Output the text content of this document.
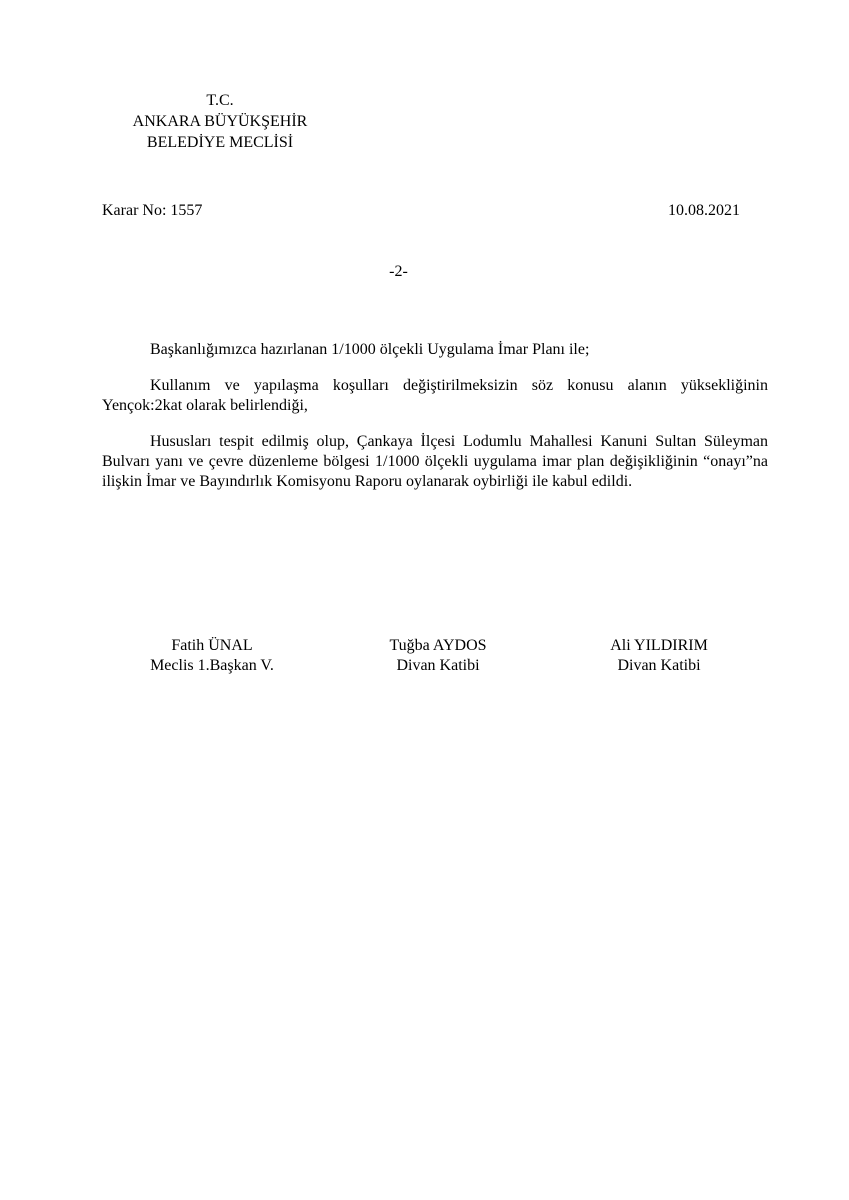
T.C.
ANKARA BÜYÜKŞEHİR
BELEDİYE MECLİSİ
Karar No: 1557	10.08.2021
-2-

Başkanlığımızca hazırlanan 1/1000 ölçekli Uygulama İmar Planı ile;

Kullanım ve yapılaşma koşulları değiştirilmeksizin söz konusu alanın yüksekliğinin Yençok:2kat olarak belirlendiği,

Hususları tespit edilmiş olup, Çankaya İlçesi Lodumlu Mahallesi Kanuni Sultan Süleyman Bulvarı yanı ve çevre düzenleme bölgesi 1/1000 ölçekli uygulama imar plan değişikliğinin “onayı”na ilişkin İmar ve Bayındırlık Komisyonu Raporu oylanarak oybirliği ile kabul edildi.

Fatih ÜNAL
Meclis 1.Başkan V.
Tuğba AYDOS
Divan Katibi
Ali YILDIRIM
Divan Katibi
